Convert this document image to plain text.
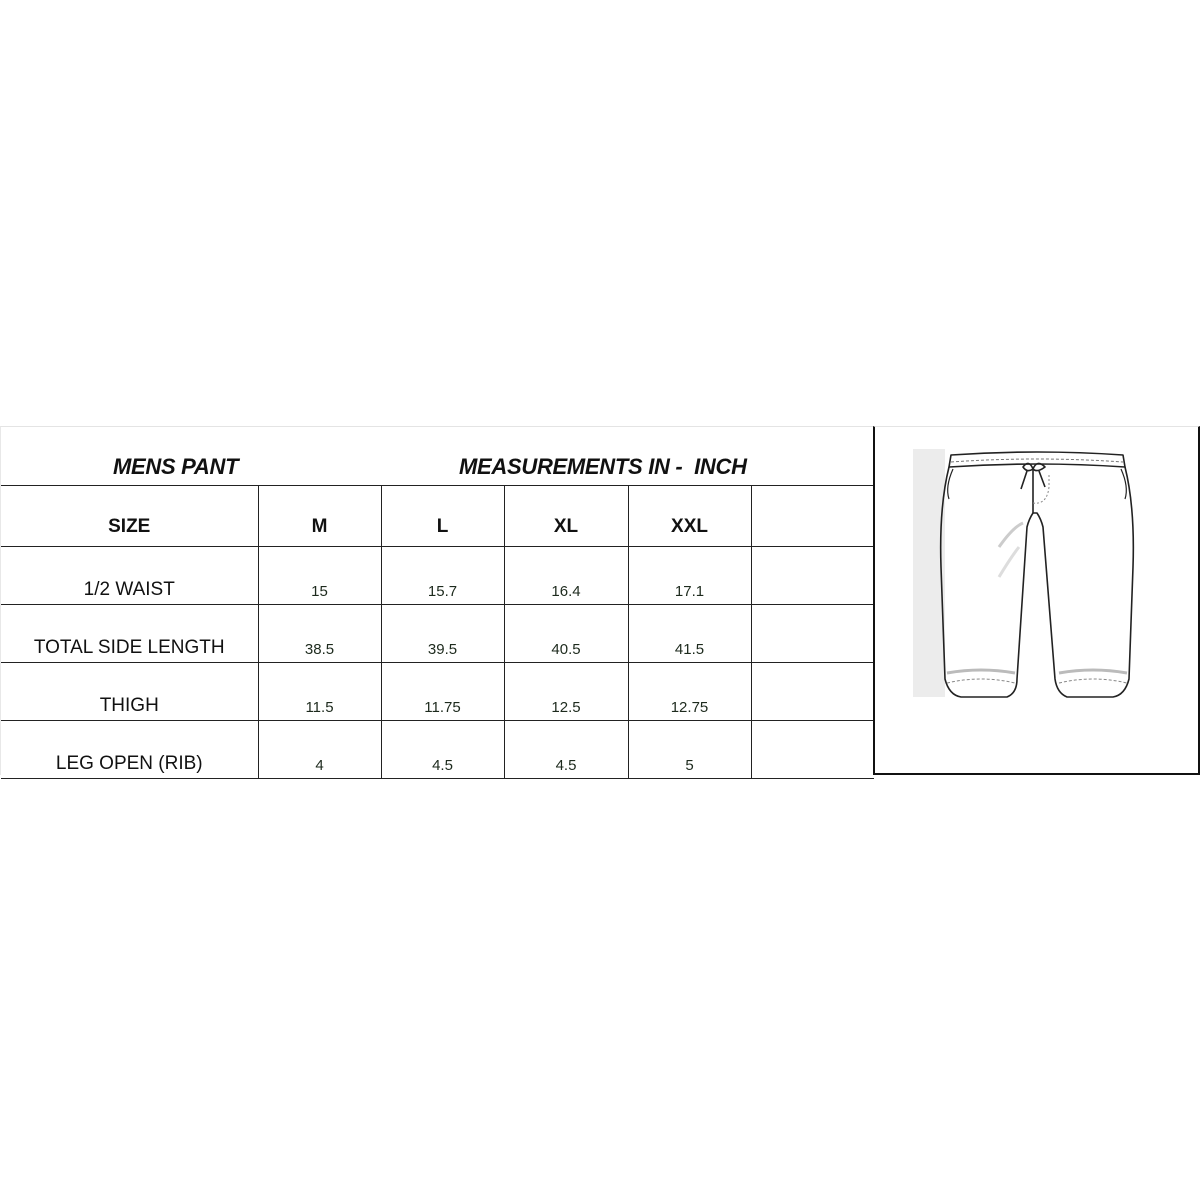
MENS PANT	MEASUREMENTS IN -  INCH
SIZE	M	L	XL	XXL	
1/2 WAIST	15	15.7	16.4	17.1	
TOTAL SIDE LENGTH	38.5	39.5	40.5	41.5	
THIGH	11.5	11.75	12.5	12.75	
LEG OPEN (RIB)	4	4.5	4.5	5	
